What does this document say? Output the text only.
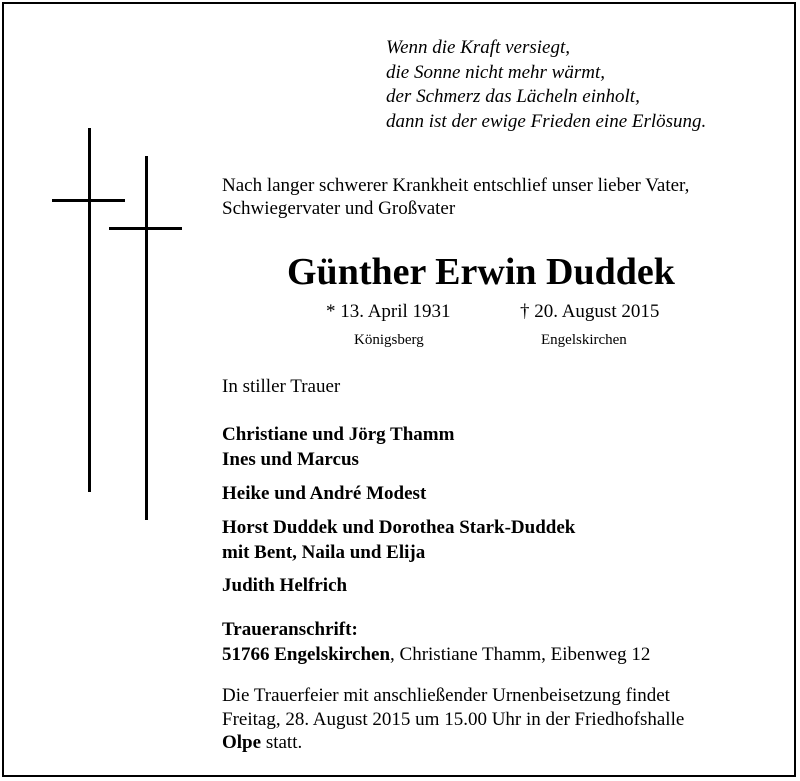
Wenn die Kraft versiegt,
die Sonne nicht mehr wärmt,
der Schmerz das Lächeln einholt,
dann ist der ewige Frieden eine Erlösung.
Nach langer schwerer Krankheit entschlief unser lieber Vater,
Schwiegervater und Großvater
Günther Erwin Duddek
* 13. April 1931	† 20. August 2015
Königsberg	Engelskirchen
In stiller Trauer
Christiane und Jörg Thamm
Ines und Marcus
Heike und André Modest
Horst Duddek und Dorothea Stark-Duddek
mit Bent, Naila und Elija
Judith Helfrich
Traueranschrift:
51766 Engelskirchen, Christiane Thamm, Eibenweg 12
Die Trauerfeier mit anschließender Urnenbeisetzung findet
Freitag, 28. August 2015 um 15.00 Uhr in der Friedhofshalle
Olpe statt.
